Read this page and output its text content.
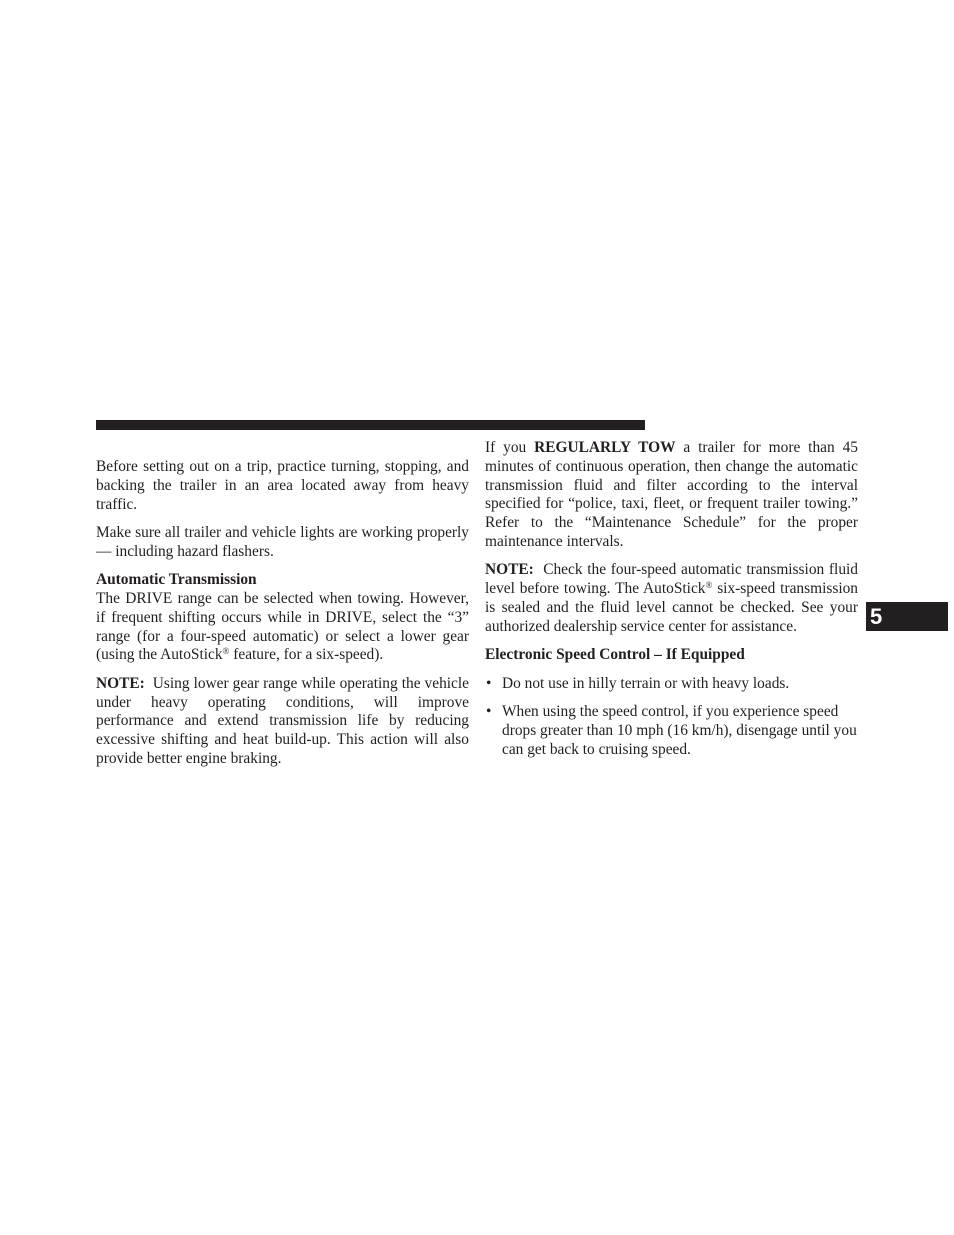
Before setting out on a trip, practice turning, stopping, and backing the trailer in an area located away from heavy traffic.

Make sure all trailer and vehicle lights are working properly — including hazard flashers.

Automatic Transmission

The DRIVE range can be selected when towing. However, if frequent shifting occurs while in DRIVE, select the “3” range (for a four-speed automatic) or select a lower gear (using the AutoStick® feature, for a six-speed).

NOTE: Using lower gear range while operating the vehicle under heavy operating conditions, will improve performance and extend transmission life by reducing excessive shifting and heat build-up. This action will also provide better engine braking.

If you REGULARLY TOW a trailer for more than 45 minutes of continuous operation, then change the automatic transmission fluid and filter according to the interval specified for “police, taxi, fleet, or frequent trailer towing.” Refer to the “Maintenance Schedule” for the proper maintenance intervals.

NOTE: Check the four-speed automatic transmission fluid level before towing. The AutoStick® six-speed transmission is sealed and the fluid level cannot be checked. See your authorized dealership service center for assistance.

Electronic Speed Control – If Equipped
• Do not use in hilly terrain or with heavy loads.
• When using the speed control, if you experience speed drops greater than 10 mph (16 km/h), disengage until you can get back to cruising speed.
5
